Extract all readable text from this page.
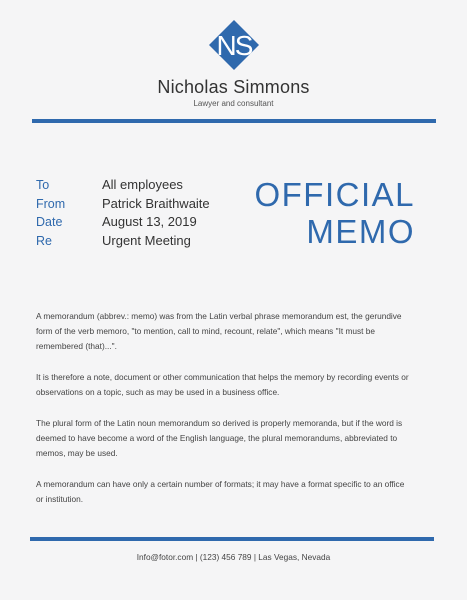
NS
Nicholas Simmons
Lawyer and consultant
To	All employees
From	Patrick Braithwaite
Date	August 13, 2019
Re	Urgent Meeting
OFFICIAL
MEMO

A memorandum (abbrev.: memo) was from the Latin verbal phrase memorandum est, the gerundive form of the verb memoro, "to mention, call to mind, recount, relate", which means "It must be remembered (that)...".

It is therefore a note, document or other communication that helps the memory by recording events or observations on a topic, such as may be used in a business office.

The plural form of the Latin noun memorandum so derived is properly memoranda, but if the word is deemed to have become a word of the English language, the plural memorandums, abbreviated to memos, may be used.

A memorandum can have only a certain number of formats; it may have a format specific to an office or institution.

Info@fotor.com | (123) 456 789 | Las Vegas, Nevada
